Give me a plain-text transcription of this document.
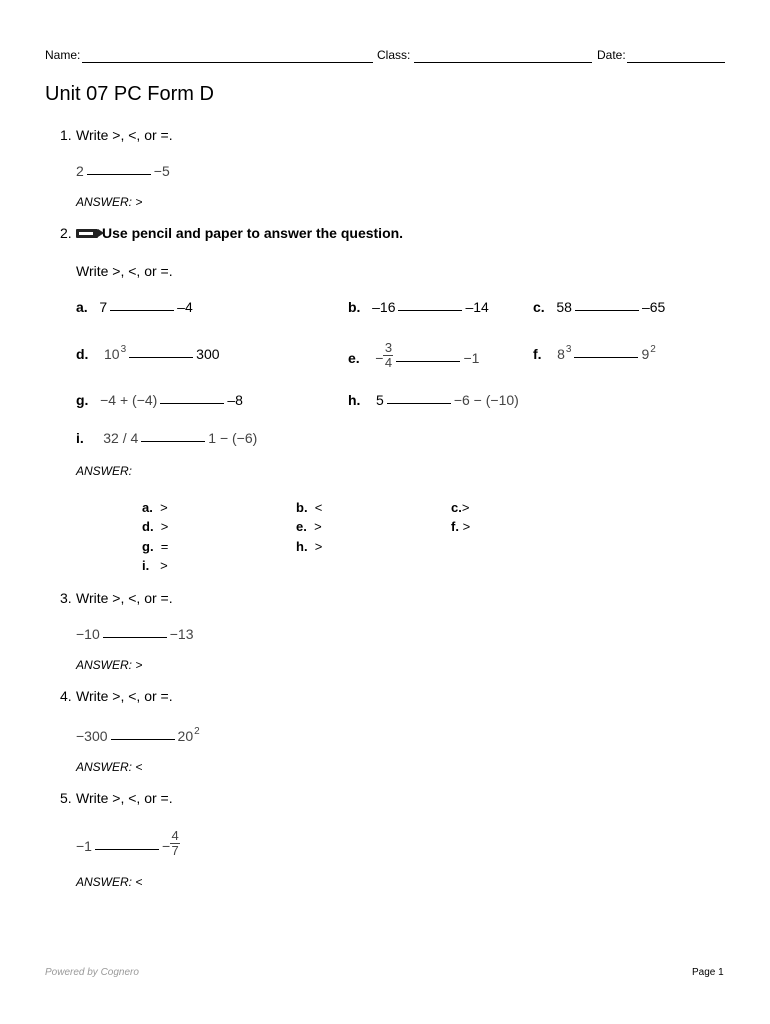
Name:	Class:	Date:
Unit 07 PC Form D
1. Write >, <, or =.
2	−5
ANSWER: >
2.	Use pencil and paper to answer the question.
Write >, <, or =.
a. 7	–4	b. –16	–14	c. 58	–65
d. $10^3$	300	e. − $\frac{3}{4}$	−1	f. $8^3$	$9^2$
g. −4 + (−4)	–8	h. 5	−6 − (−10)
i. 32 / 4	1 − (−6)
ANSWER:
a. >	b. <	c.>
d. >	e. >	f. >
g. =	h. >
i. >
3. Write >, <, or =.
−10	−13
ANSWER: >
4. Write >, <, or =.
−300	$20^2$
ANSWER: <
5. Write >, <, or =.
−1	− $\frac{4}{7}$
ANSWER: <
Powered by Cognero	Page 1
